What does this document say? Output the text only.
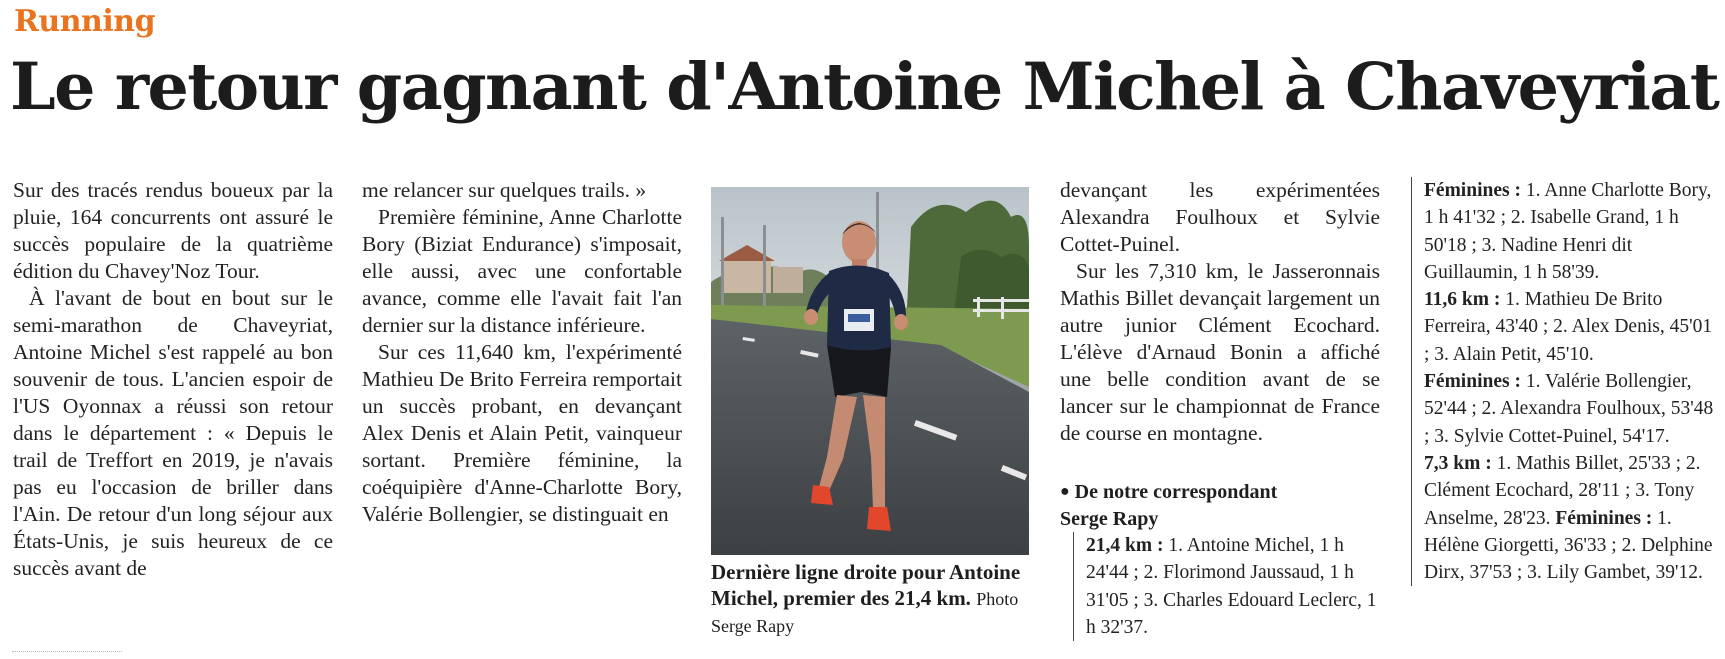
Running
Le retour gagnant d'Antoine Michel à Chaveyriat

Sur des tracés rendus boueux par la pluie, 164 concurrents ont assuré le succès populaire de la quatrième édition du Chavey'Noz Tour.

À l'avant de bout en bout sur le semi-marathon de Chaveyriat, Antoine Michel s'est rappelé au bon souvenir de tous. L'ancien espoir de l'US Oyonnax a réussi son retour dans le département : « Depuis le trail de Treffort en 2019, je n'avais pas eu l'occasion de briller dans l'Ain. De retour d'un long séjour aux États-Unis, je suis heureux de ce succès avant de

me relancer sur quelques trails. »

Première féminine, Anne Charlotte Bory (Biziat Endurance) s'imposait, elle aussi, avec une confortable avance, comme elle l'avait fait l'an dernier sur la distance inférieure.

Sur ces 11,640 km, l'expérimenté Mathieu De Brito Ferreira remportait un succès probant, en devançant Alex Denis et Alain Petit, vainqueur sortant. Première féminine, la coéquipière d'Anne-Charlotte Bory, Valérie Bollengier, se distinguait en

Dernière ligne droite pour Antoine Michel, premier des 21,4 km. Photo Serge Rapy

devançant les expérimentées Alexandra Foulhoux et Sylvie Cottet-Puinel.

Sur les 7,310 km, le Jasseronnais Mathis Billet devançait largement un autre junior Clément Ecochard. L'élève d'Arnaud Bonin a affiché une belle condition avant de se lancer sur le championnat de France de course en montagne.

● De notre correspondant
Serge Rapy

21,4 km : 1. Antoine Michel, 1 h 24'44 ; 2. Florimond Jaussaud, 1 h 31'05 ; 3. Charles Edouard Leclerc, 1 h 32'37.

Féminines : 1. Anne Charlotte Bory, 1 h 41'32 ; 2. Isabelle Grand, 1 h 50'18 ; 3. Nadine Henri dit Guillaumin, 1 h 58'39.

11,6 km : 1. Mathieu De Brito Ferreira, 43'40 ; 2. Alex Denis, 45'01 ; 3. Alain Petit, 45'10.

Féminines : 1. Valérie Bollengier, 52'44 ; 2. Alexandra Foulhoux, 53'48 ; 3. Sylvie Cottet-Puinel, 54'17.

7,3 km : 1. Mathis Billet, 25'33 ; 2. Clément Ecochard, 28'11 ; 3. Tony Anselme, 28'23. Féminines : 1. Hélène Giorgetti, 36'33 ; 2. Delphine Dirx, 37'53 ; 3. Lily Gambet, 39'12.
